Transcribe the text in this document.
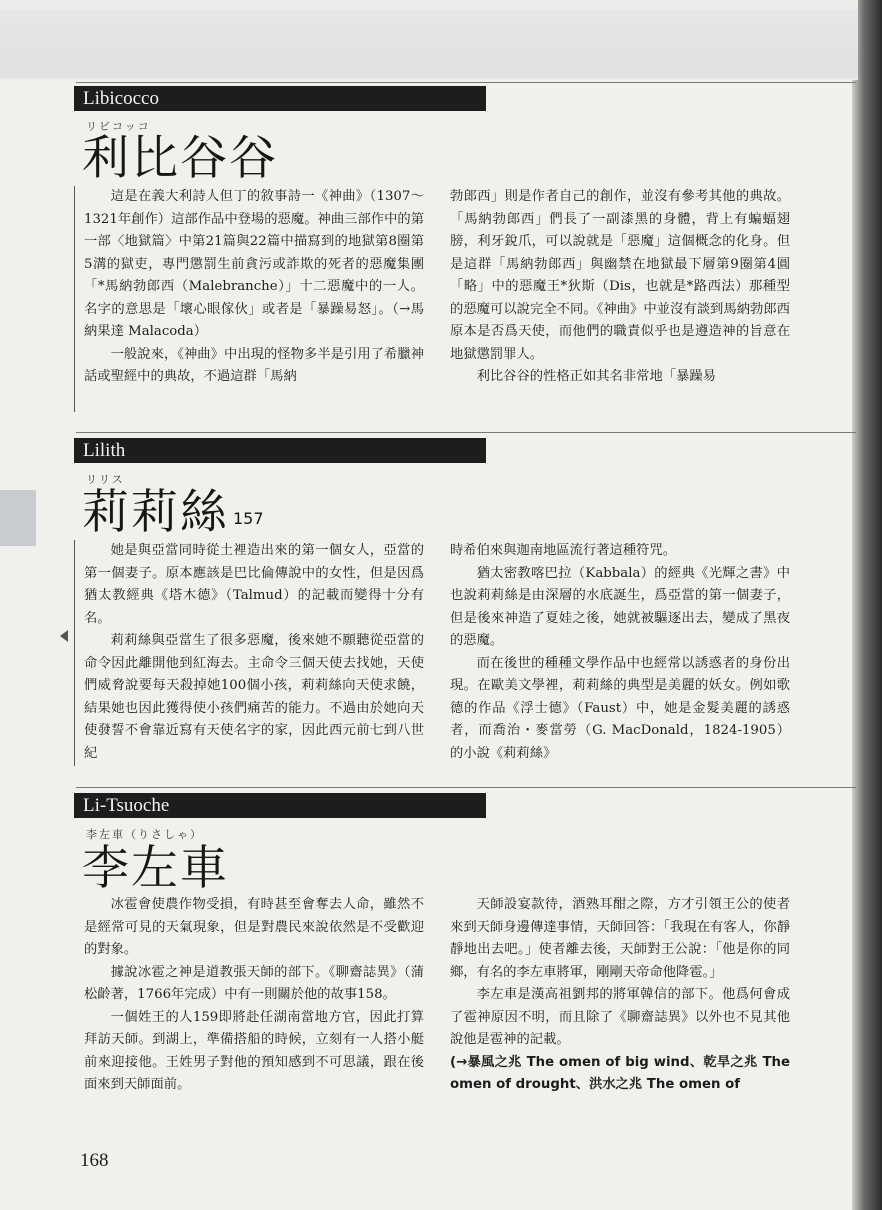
Libicocco
リビコッコ
利比谷谷

這是在義大利詩人但丁的敘事詩一《神曲》（1307～1321年創作）這部作品中登場的惡魔。神曲三部作中的第一部〈地獄篇〉中第21篇與22篇中描寫到的地獄第8圈第5溝的獄吏，專門懲罰生前貪污或詐欺的死者的惡魔集團「*馬納勃郎西（Malebranche）」十二惡魔中的一人。名字的意思是「壞心眼傢伙」或者是「暴躁易怒」。（→馬納果達 Malacoda）

一般說來，《神曲》中出現的怪物多半是引用了希臘神話或聖經中的典故，不過這群「馬納

勃郎西」則是作者自己的創作，並沒有參考其他的典故。「馬納勃郎西」們長了一副漆黑的身體，背上有蝙蝠翅膀，利牙銳爪，可以說就是「惡魔」這個概念的化身。但是這群「馬納勃郎西」與幽禁在地獄最下層第9圈第4圓「略」中的惡魔王*狄斯（Dis，也就是*路西法）那種型的惡魔可以說完全不同。《神曲》中並沒有談到馬納勃郎西原本是否爲天使，而他們的職責似乎也是遵造神的旨意在地獄懲罰罪人。

利比谷谷的性格正如其名非常地「暴躁易

Lilith
リリス
莉莉絲 $^{157}$

她是與亞當同時從土裡造出來的第一個女人，亞當的第一個妻子。原本應該是巴比倫傳說中的女性，但是因爲猶太教經典《塔木德》（Talmud）的記載而變得十分有名。

莉莉絲與亞當生了很多惡魔，後來她不願聽從亞當的命令因此離開他到紅海去。主命令三個天使去找她，天使們威脅說要每天殺掉她100個小孩，莉莉絲向天使求饒，結果她也因此獲得使小孩們痛苦的能力。不過由於她向天使發誓不會靠近寫有天使名字的家，因此西元前七到八世紀

時希伯來與迦南地區流行著這種符咒。

猶太密教喀巴拉（Kabbala）的經典《光輝之書》中也說莉莉絲是由深層的水底誕生，爲亞當的第一個妻子，但是後來神造了夏娃之後，她就被驅逐出去，變成了黑夜的惡魔。

而在後世的種種文學作品中也經常以誘惑者的身份出現。在歐美文學裡，莉莉絲的典型是美麗的妖女。例如歌德的作品《浮士德》（Faust）中，她是金髮美麗的誘惑者，而喬治・麥當勞（G. MacDonald，1824-1905）的小說《莉莉絲》

Li-Tsuoche
李左車（りさしゃ）
李左車

冰雹會使農作物受損，有時甚至會奪去人命，雖然不是經常可見的天氣現象，但是對農民來說依然是不受歡迎的對象。

據說冰雹之神是道教張天師的部下。《聊齋誌異》（蒲松齡著，1766年完成）中有一則關於他的故事158。

一個姓王的人159即將赴任湖南當地方官，因此打算拜訪天師。到湖上，準備搭船的時候，立刻有一人搭小艇前來迎接他。王姓男子對他的預知感到不可思議，跟在後面來到天師面前。

天師設宴款待，酒熟耳酣之際，方才引領王公的使者來到天師身邊傳達事情，天師回答：「我現在有客人，你靜靜地出去吧。」使者離去後，天師對王公說：「他是你的同鄉，有名的李左車將軍，剛剛天帝命他降雹。」

李左車是漢高祖劉邦的將軍韓信的部下。他爲何會成了雹神原因不明，而且除了《聊齋誌異》以外也不見其他說他是雹神的記載。

(→暴風之兆 The omen of big wind、乾旱之兆 The omen of drought、洪水之兆 The omen of

168
